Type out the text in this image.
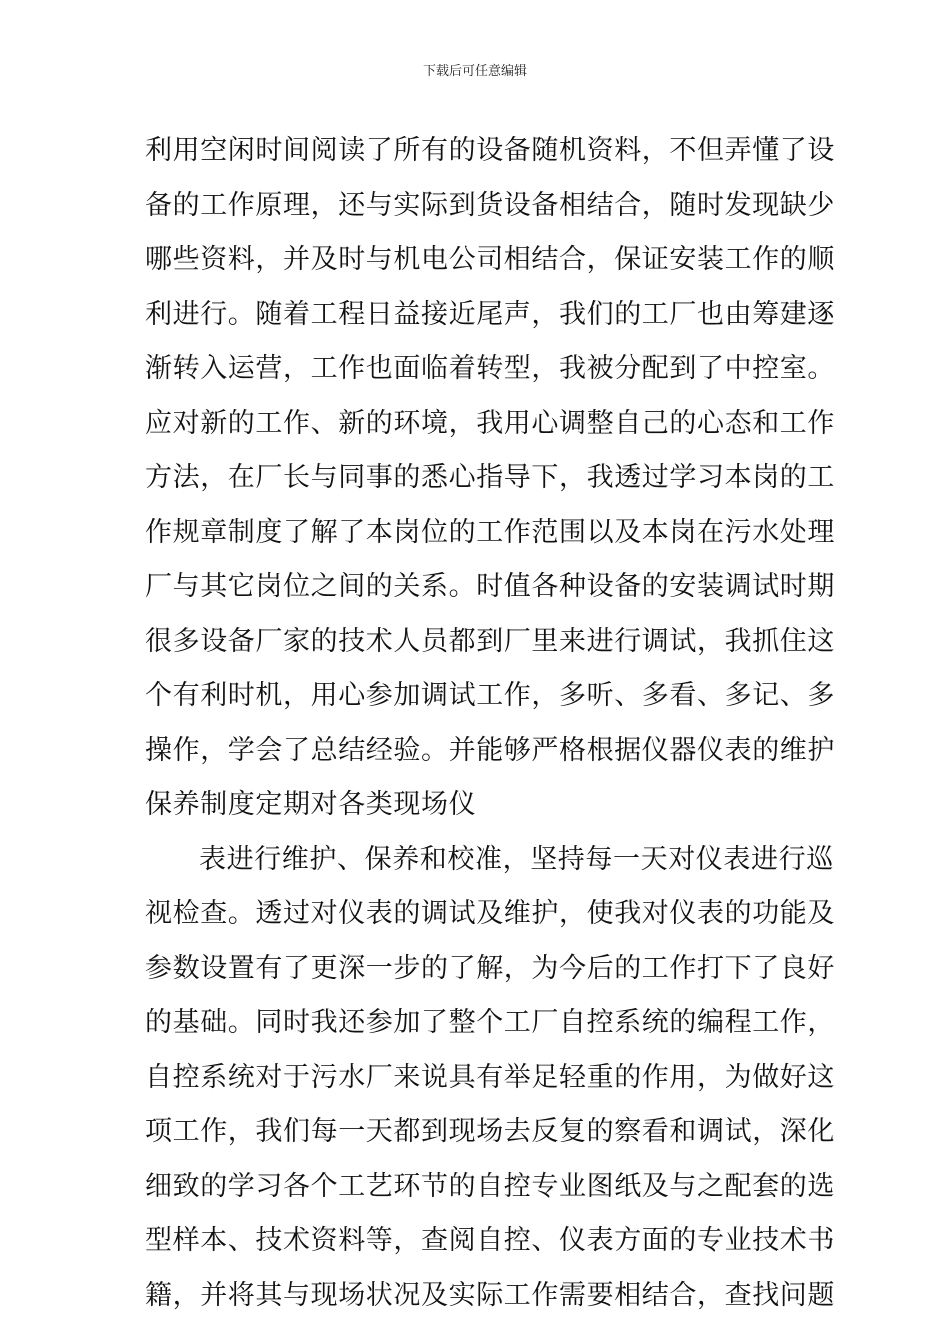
下载后可任意编辑
利用空闲时间阅读了所有的设备随机资料，不但弄懂了设
备的工作原理，还与实际到货设备相结合，随时发现缺少
哪些资料，并及时与机电公司相结合，保证安装工作的顺
利进行。随着工程日益接近尾声，我们的工厂也由筹建逐
渐转入运营，工作也面临着转型，我被分配到了中控室。
应对新的工作、新的环境，我用心调整自己的心态和工作
方法，在厂长与同事的悉心指导下，我透过学习本岗的工
作规章制度了解了本岗位的工作范围以及本岗在污水处理
厂与其它岗位之间的关系。时值各种设备的安装调试时期
很多设备厂家的技术人员都到厂里来进行调试，我抓住这
个有利时机，用心参加调试工作，多听、多看、多记、多
操作，学会了总结经验。并能够严格根据仪器仪表的维护
保养制度定期对各类现场仪
表进行维护、保养和校准，坚持每一天对仪表进行巡
视检查。透过对仪表的调试及维护，使我对仪表的功能及
参数设置有了更深一步的了解，为今后的工作打下了良好
的基础。同时我还参加了整个工厂自控系统的编程工作，
自控系统对于污水厂来说具有举足轻重的作用，为做好这
项工作，我们每一天都到现场去反复的察看和调试，深化
细致的学习各个工艺环节的自控专业图纸及与之配套的选
型样本、技术资料等，查阅自控、仪表方面的专业技术书
籍，并将其与现场状况及实际工作需要相结合，查找问题
